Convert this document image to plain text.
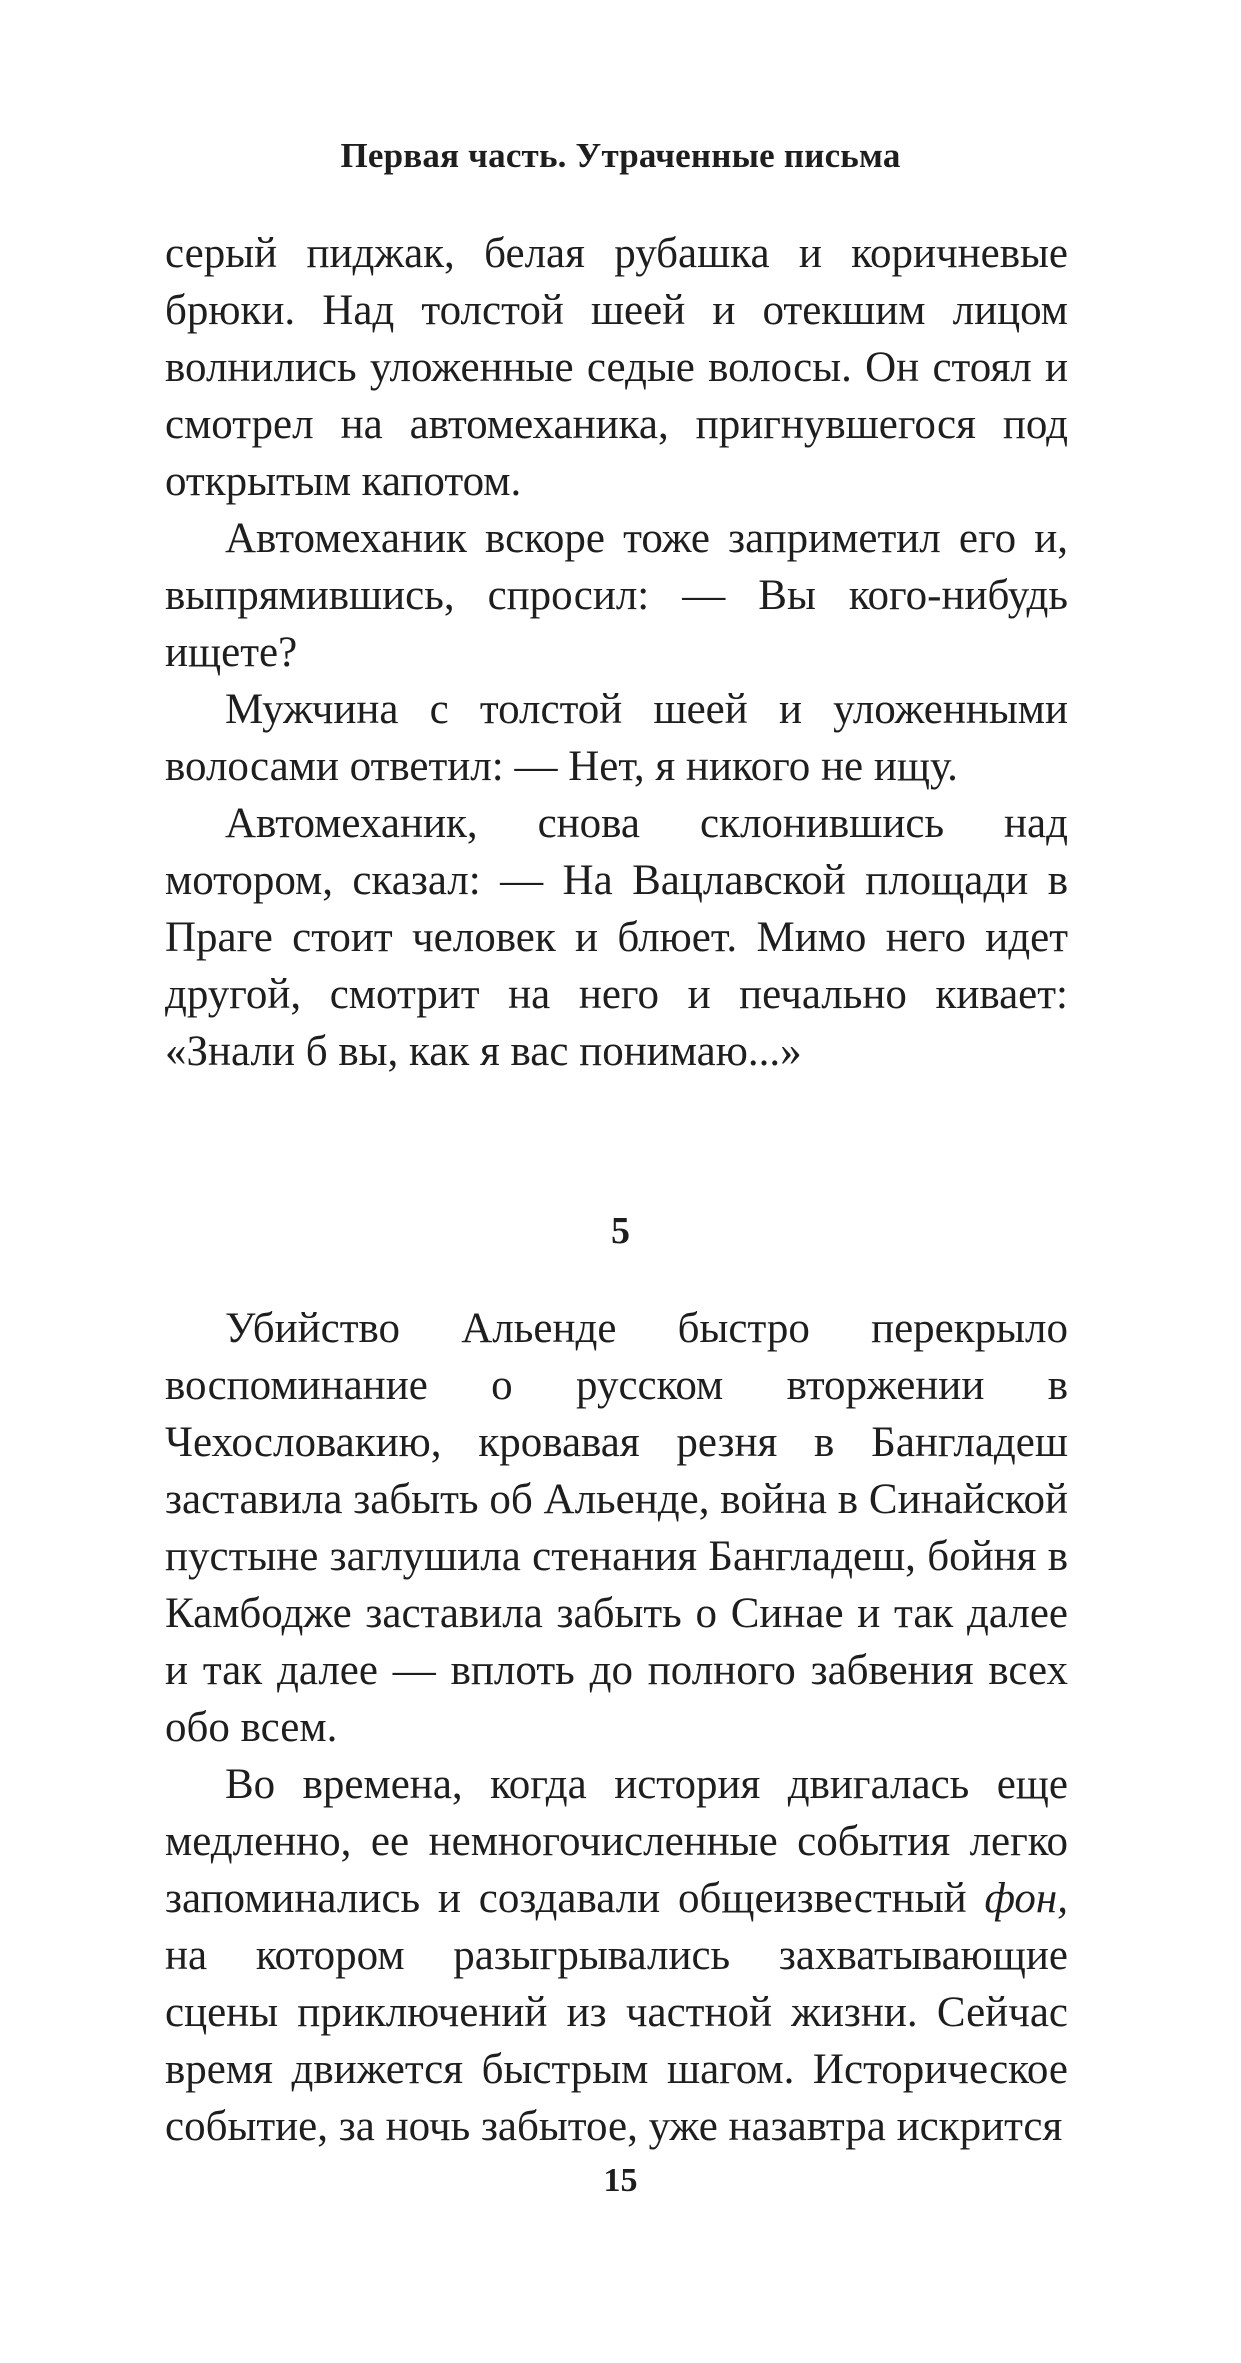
Первая часть. Утраченные письма

серый пиджак, белая рубашка и коричневые брюки. Над толстой шеей и отекшим лицом волнились уложенные седые волосы. Он стоял и смотрел на автомеханика, пригнувшегося под открытым капотом.

Автомеханик вскоре тоже заприметил его и, выпрямившись, спросил: — Вы кого-нибудь ищете?

Мужчина с толстой шеей и уложенными волосами ответил: — Нет, я никого не ищу.

Автомеханик, снова склонившись над мотором, сказал: — На Вацлавской площади в Праге стоит человек и блюет. Мимо него идет другой, смотрит на него и печально кивает: «Знали б вы, как я вас понимаю...»

5

Убийство Альенде быстро перекрыло воспоминание о русском вторжении в Чехословакию, кровавая резня в Бангладеш заставила забыть об Альенде, война в Синайской пустыне заглушила стенания Бангладеш, бойня в Камбодже заставила забыть о Синае и так далее и так далее — вплоть до полного забвения всех обо всем.

Во времена, когда история двигалась еще медленно, ее немногочисленные события легко запоминались и создавали общеизвестный фон, на котором разыгрывались захватывающие сцены приключений из частной жизни. Сейчас время движется быстрым шагом. Историческое событие, за ночь забытое, уже назавтра искрится

15
